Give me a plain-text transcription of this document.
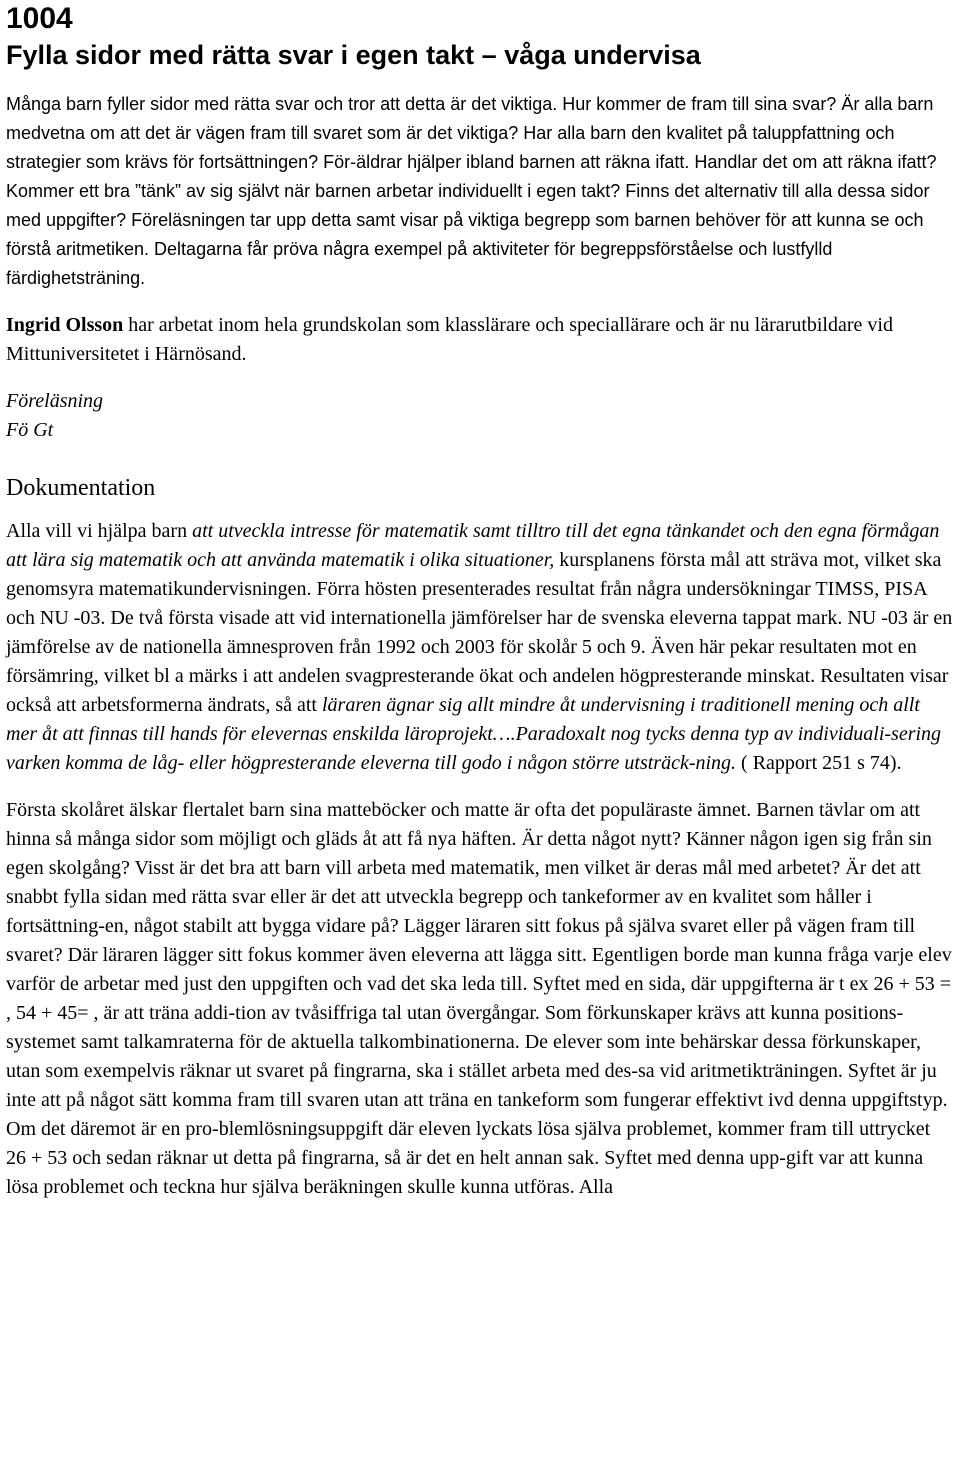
1004
Fylla sidor med rätta svar i egen takt – våga undervisa

Många barn fyller sidor med rätta svar och tror att detta är det viktiga. Hur kommer de fram till sina svar? Är alla barn medvetna om att det är vägen fram till svaret som är det viktiga? Har alla barn den kvalitet på taluppfattning och strategier som krävs för fortsättningen? För-äldrar hjälper ibland barnen att räkna ifatt. Handlar det om att räkna ifatt? Kommer ett bra ”tänk” av sig självt när barnen arbetar individuellt i egen takt? Finns det alternativ till alla dessa sidor med uppgifter? Föreläsningen tar upp detta samt visar på viktiga begrepp som barnen behöver för att kunna se och förstå aritmetiken. Deltagarna får pröva några exempel på aktiviteter för begreppsförståelse och lustfylld färdighetsträning.

Ingrid Olsson har arbetat inom hela grundskolan som klasslärare och speciallärare och är nu lärarutbildare vid Mittuniversitetet i Härnösand.

Föreläsning
Fö Gt
Dokumentation

Alla vill vi hjälpa barn att utveckla intresse för matematik samt tilltro till det egna tänkandet och den egna förmågan att lära sig matematik och att använda matematik i olika situationer, kursplanens första mål att sträva mot, vilket ska genomsyra matematikundervisningen. Förra hösten presenterades resultat från några undersökningar TIMSS, PISA och NU -03. De två första visade att vid internationella jämförelser har de svenska eleverna tappat mark. NU -03 är en jämförelse av de nationella ämnesproven från 1992 och 2003 för skolår 5 och 9. Även här pekar resultaten mot en försämring, vilket bl a märks i att andelen svagpresterande ökat och andelen högpresterande minskat. Resultaten visar också att arbetsformerna ändrats, så att läraren ägnar sig allt mindre åt undervisning i traditionell mening och allt mer åt att finnas till hands för elevernas enskilda läroprojekt….Paradoxalt nog tycks denna typ av individuali-sering varken komma de låg- eller högpresterande eleverna till godo i någon större utsträck-ning. ( Rapport 251 s 74).

Första skolåret älskar flertalet barn sina matteböcker och matte är ofta det populäraste ämnet. Barnen tävlar om att hinna så många sidor som möjligt och gläds åt att få nya häften. Är detta något nytt? Känner någon igen sig från sin egen skolgång? Visst är det bra att barn vill arbeta med matematik, men vilket är deras mål med arbetet? Är det att snabbt fylla sidan med rätta svar eller är det att utveckla begrepp och tankeformer av en kvalitet som håller i fortsättning-en, något stabilt att bygga vidare på? Lägger läraren sitt fokus på själva svaret eller på vägen fram till svaret? Där läraren lägger sitt fokus kommer även eleverna att lägga sitt. Egentligen borde man kunna fråga varje elev varför de arbetar med just den uppgiften och vad det ska leda till. Syftet med en sida, där uppgifterna är t ex 26 + 53 = , 54 + 45= , är att träna addi-tion av tvåsiffriga tal utan övergångar. Som förkunskaper krävs att kunna positions-systemet samt talkamraterna för de aktuella talkombinationerna. De elever som inte behärskar dessa förkunskaper, utan som exempelvis räknar ut svaret på fingrarna, ska i stället arbeta med des-sa vid aritmetikträningen. Syftet är ju inte att på något sätt komma fram till svaren utan att träna en tankeform som fungerar effektivt ivd denna uppgiftstyp. Om det däremot är en pro-blemlösningsuppgift där eleven lyckats lösa själva problemet, kommer fram till uttrycket 26 + 53 och sedan räknar ut detta på fingrarna, så är det en helt annan sak. Syftet med denna upp-gift var att kunna lösa problemet och teckna hur själva beräkningen skulle kunna utföras. Alla
